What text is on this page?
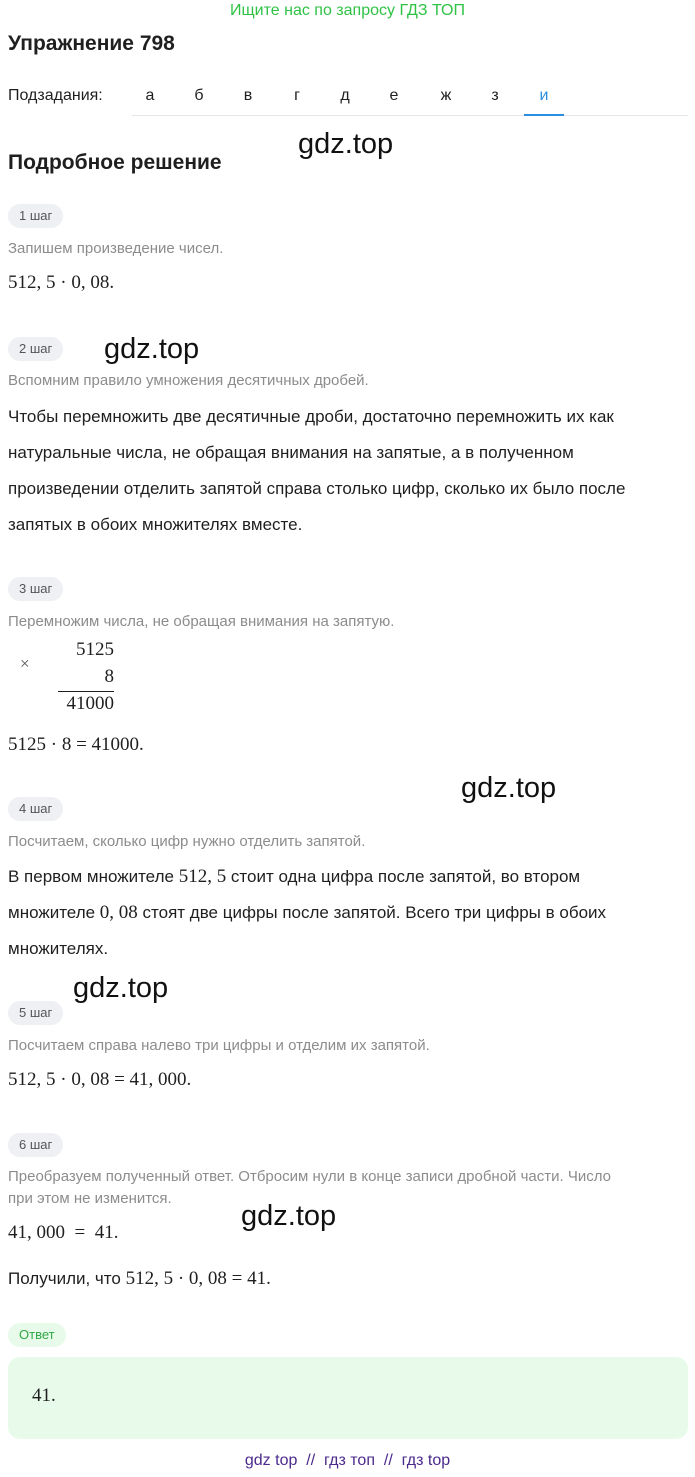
Ищите нас по запросу ГДЗ ТОП
Упражнение 798
Подзадания:	а	б	в	г	д	е	ж	з	и
Подробное решение
gdz.top
gdz.top
gdz.top
gdz.top
gdz.top
1 шаг
Запишем произведение чисел.
512, 5 · 0, 08.
2 шаг
Вспомним правило умножения десятичных дробей.
Чтобы перемножить две десятичные дроби, достаточно перемножить их как
натуральные числа, не обращая внимания на запятые, а в полученном
произведении отделить запятой справа столько цифр, сколько их было после
запятых в обоих множителях вместе.
3 шаг
Перемножим числа, не обращая внимания на запятую.
×
5125
8
41000
5125 · 8 = 41000.
4 шаг
Посчитаем, сколько цифр нужно отделить запятой.
В первом множителе 512, 5 стоит одна цифра после запятой, во втором
множителе 0, 08 стоят две цифры после запятой. Всего три цифры в обоих
множителях.
5 шаг
Посчитаем справа налево три цифры и отделим их запятой.
512, 5 · 0, 08 = 41, 000.
6 шаг
Преобразуем полученный ответ. Отбросим нули в конце записи дробной части. Число
при этом не изменится.
41, 000  =  41.
Получили, что 512, 5 · 0, 08 = 41.
Ответ
41.
gdz top  //  гдз топ  //  гдз top
